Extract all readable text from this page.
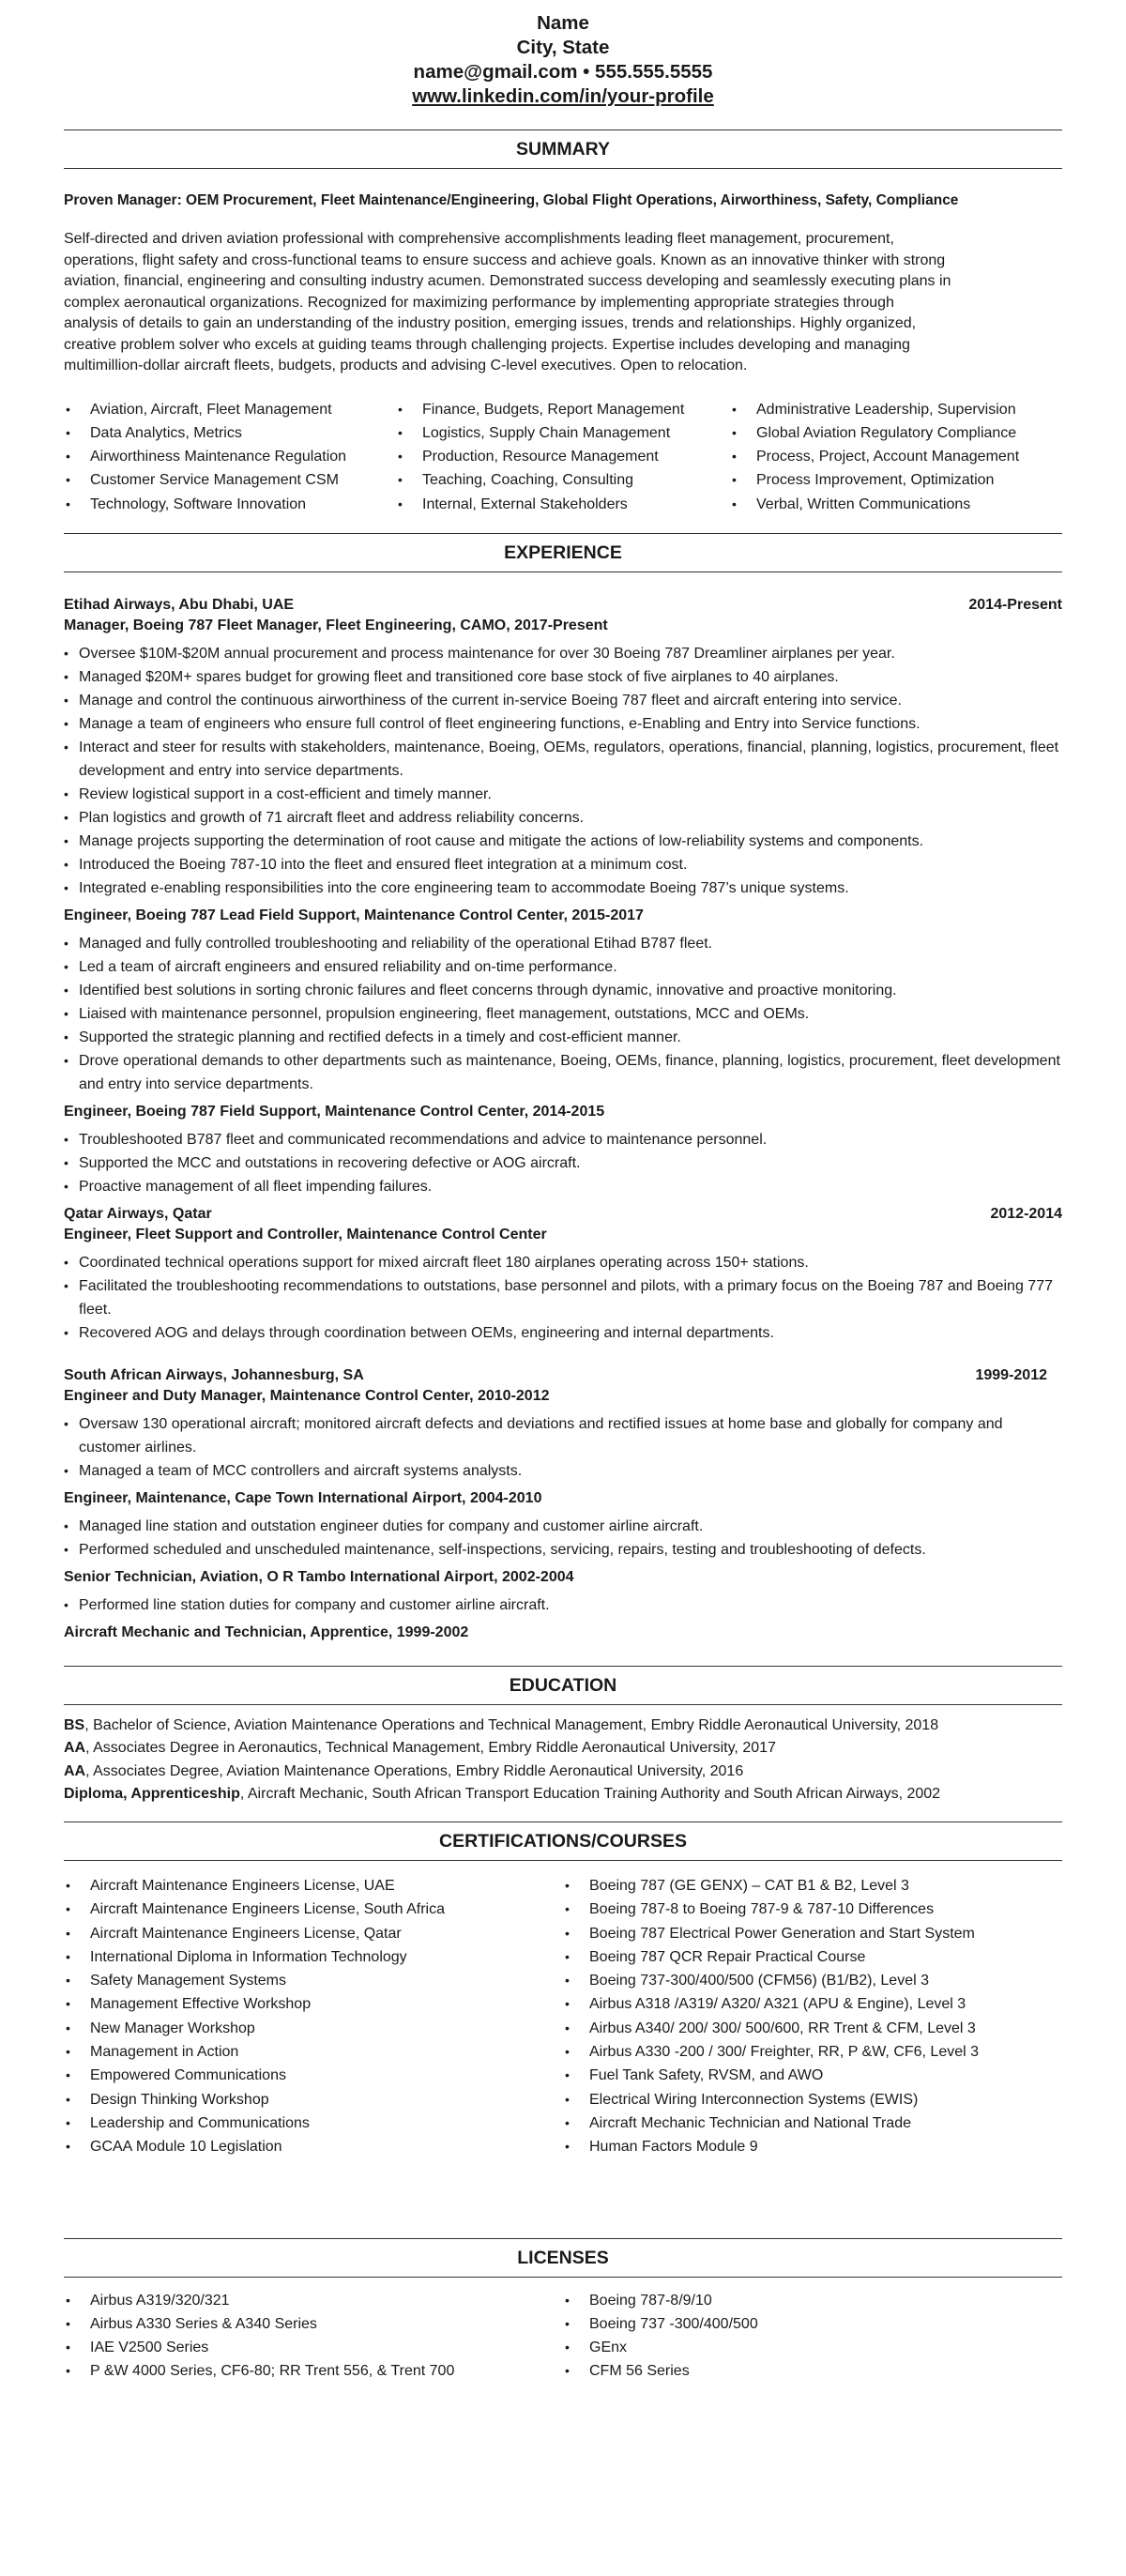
Name
City, State
name@gmail.com • 555.555.5555
www.linkedin.com/in/your-profile
SUMMARY
Proven Manager: OEM Procurement, Fleet Maintenance/Engineering, Global Flight Operations, Airworthiness, Safety, Compliance
Self-directed and driven aviation professional with comprehensive accomplishments leading fleet management, procurement,
operations, flight safety and cross-functional teams to ensure success and achieve goals. Known as an innovative thinker with strong
aviation, financial, engineering and consulting industry acumen. Demonstrated success developing and seamlessly executing plans in
complex aeronautical organizations. Recognized for maximizing performance by implementing appropriate strategies through
analysis of details to gain an understanding of the industry position, emerging issues, trends and relationships. Highly organized,
creative problem solver who excels at guiding teams through challenging projects. Expertise includes developing and managing
multimillion-dollar aircraft fleets, budgets, products and advising C-level executives. Open to relocation.
• Aviation, Aircraft, Fleet Management
• Data Analytics, Metrics
• Airworthiness Maintenance Regulation
• Customer Service Management CSM
• Technology, Software Innovation
• Finance, Budgets, Report Management
• Logistics, Supply Chain Management
• Production, Resource Management
• Teaching, Coaching, Consulting
• Internal, External Stakeholders
• Administrative Leadership, Supervision
• Global Aviation Regulatory Compliance
• Process, Project, Account Management
• Process Improvement, Optimization
• Verbal, Written Communications
EXPERIENCE
Etihad Airways, Abu Dhabi, UAE	2014-Present
Manager, Boeing 787 Fleet Manager, Fleet Engineering, CAMO, 2017-Present
• Oversee $10M-$20M annual procurement and process maintenance for over 30 Boeing 787 Dreamliner airplanes per year.
• Managed $20M+ spares budget for growing fleet and transitioned core base stock of five airplanes to 40 airplanes.
• Manage and control the continuous airworthiness of the current in-service Boeing 787 fleet and aircraft entering into service.
• Manage a team of engineers who ensure full control of fleet engineering functions, e-Enabling and Entry into Service functions.
• Interact and steer for results with stakeholders, maintenance, Boeing, OEMs, regulators, operations, financial, planning, logistics, procurement, fleet development and entry into service departments.
• Review logistical support in a cost-efficient and timely manner.
• Plan logistics and growth of 71 aircraft fleet and address reliability concerns.
• Manage projects supporting the determination of root cause and mitigate the actions of low-reliability systems and components.
• Introduced the Boeing 787-10 into the fleet and ensured fleet integration at a minimum cost.
• Integrated e-enabling responsibilities into the core engineering team to accommodate Boeing 787’s unique systems.
Engineer, Boeing 787 Lead Field Support, Maintenance Control Center, 2015-2017
• Managed and fully controlled troubleshooting and reliability of the operational Etihad B787 fleet.
• Led a team of aircraft engineers and ensured reliability and on-time performance.
• Identified best solutions in sorting chronic failures and fleet concerns through dynamic, innovative and proactive monitoring.
• Liaised with maintenance personnel, propulsion engineering, fleet management, outstations, MCC and OEMs.
• Supported the strategic planning and rectified defects in a timely and cost-efficient manner.
• Drove operational demands to other departments such as maintenance, Boeing, OEMs, finance, planning, logistics, procurement, fleet development and entry into service departments.
Engineer, Boeing 787 Field Support, Maintenance Control Center, 2014-2015
• Troubleshooted B787 fleet and communicated recommendations and advice to maintenance personnel.
• Supported the MCC and outstations in recovering defective or AOG aircraft.
• Proactive management of all fleet impending failures.
Qatar Airways, Qatar	2012-2014
Engineer, Fleet Support and Controller, Maintenance Control Center
• Coordinated technical operations support for mixed aircraft fleet 180 airplanes operating across 150+ stations.
• Facilitated the troubleshooting recommendations to outstations, base personnel and pilots, with a primary focus on the Boeing 787 and Boeing 777 fleet.
• Recovered AOG and delays through coordination between OEMs, engineering and internal departments.
South African Airways, Johannesburg, SA	1999-2012
Engineer and Duty Manager, Maintenance Control Center, 2010-2012
• Oversaw 130 operational aircraft; monitored aircraft defects and deviations and rectified issues at home base and globally for company and customer airlines.
• Managed a team of MCC controllers and aircraft systems analysts.
Engineer, Maintenance, Cape Town International Airport, 2004-2010
• Managed line station and outstation engineer duties for company and customer airline aircraft.
• Performed scheduled and unscheduled maintenance, self-inspections, servicing, repairs, testing and troubleshooting of defects.
Senior Technician, Aviation, O R Tambo International Airport, 2002-2004
• Performed line station duties for company and customer airline aircraft.
Aircraft Mechanic and Technician, Apprentice, 1999-2002
EDUCATION
BS, Bachelor of Science, Aviation Maintenance Operations and Technical Management, Embry Riddle Aeronautical University, 2018
AA, Associates Degree in Aeronautics, Technical Management, Embry Riddle Aeronautical University, 2017
AA, Associates Degree, Aviation Maintenance Operations, Embry Riddle Aeronautical University, 2016
Diploma, Apprenticeship, Aircraft Mechanic, South African Transport Education Training Authority and South African Airways, 2002
CERTIFICATIONS/COURSES
• Aircraft Maintenance Engineers License, UAE
• Aircraft Maintenance Engineers License, South Africa
• Aircraft Maintenance Engineers License, Qatar
• International Diploma in Information Technology
• Safety Management Systems
• Management Effective Workshop
• New Manager Workshop
• Management in Action
• Empowered Communications
• Design Thinking Workshop
• Leadership and Communications
• GCAA Module 10 Legislation
• Boeing 787 (GE GENX) – CAT B1 & B2, Level 3
• Boeing 787-8 to Boeing 787-9 & 787-10 Differences
• Boeing 787 Electrical Power Generation and Start System
• Boeing 787 QCR Repair Practical Course
• Boeing 737-300/400/500 (CFM56) (B1/B2), Level 3
• Airbus A318 /A319/ A320/ A321 (APU & Engine), Level 3
• Airbus A340/ 200/ 300/ 500/600, RR Trent & CFM, Level 3
• Airbus A330 -200 / 300/ Freighter, RR, P &W, CF6, Level 3
• Fuel Tank Safety, RVSM, and AWO
• Electrical Wiring Interconnection Systems (EWIS)
• Aircraft Mechanic Technician and National Trade
• Human Factors Module 9
LICENSES
• Airbus A319/320/321
• Airbus A330 Series & A340 Series
• IAE V2500 Series
• P &W 4000 Series, CF6-80; RR Trent 556, & Trent 700
• Boeing 787-8/9/10
• Boeing 737 -300/400/500
• GEnx
• CFM 56 Series
